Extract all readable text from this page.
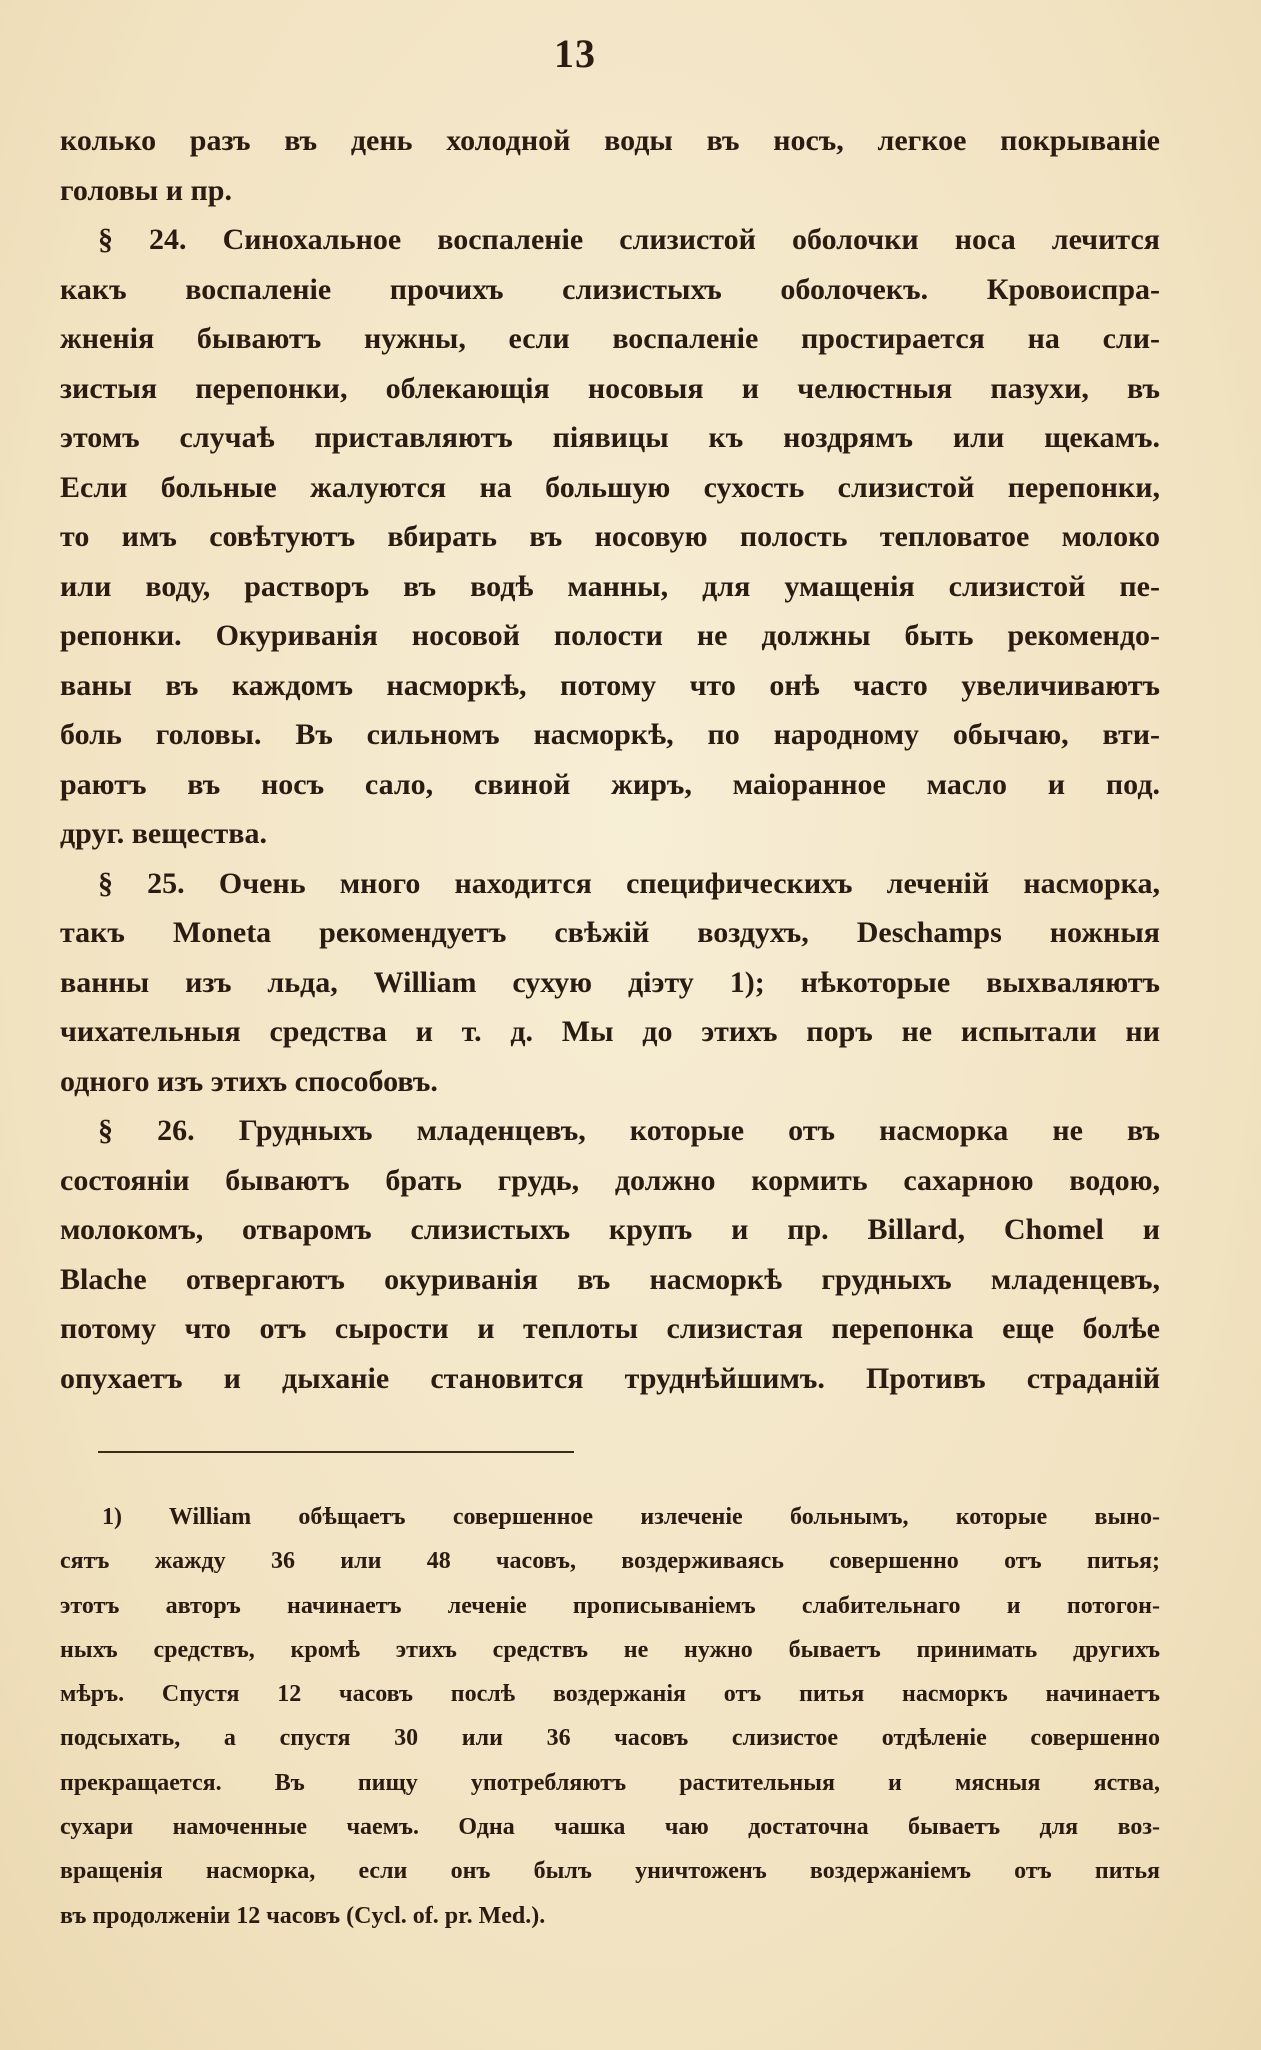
13
колько разъ въ день холодной воды въ носъ, легкое покрываніе
головы и пр.
§ 24. Синохальное воспаленіе слизистой оболочки носа лечится
какъ воспаленіе прочихъ слизистыхъ оболочекъ. Кровоиспра-
жненія бываютъ нужны, если воспаленіе простирается на сли-
зистыя перепонки, облекающія носовыя и челюстныя пазухи, въ
этомъ случаѣ приставляютъ піявицы къ ноздрямъ или щекамъ.
Если больные жалуются на большую сухость слизистой перепонки,
то имъ совѣтуютъ вбирать въ носовую полость тепловатое молоко
или воду, растворъ въ водѣ манны, для умащенія слизистой пе-
репонки. Окуриванія носовой полости не должны быть рекомендо-
ваны въ каждомъ насморкѣ, потому что онѣ часто увеличиваютъ
боль головы. Въ сильномъ насморкѣ, по народному обычаю, вти-
раютъ въ носъ сало, свиной жиръ, маіоранное масло и под.
друг. вещества.
§ 25. Очень много находится специфическихъ леченій насморка,
такъ Moneta рекомендуетъ свѣжій воздухъ, Deschamps ножныя
ванны изъ льда, William сухую діэту 1); нѣкоторые выхваляютъ
чихательныя средства и т. д. Мы до этихъ поръ не испытали ни
одного изъ этихъ способовъ.
§ 26. Грудныхъ младенцевъ, которые отъ насморка не въ
состояніи бываютъ брать грудь, должно кормить сахарною водою,
молокомъ, отваромъ слизистыхъ крупъ и пр. Billard, Chomel и
Blache отвергаютъ окуриванія въ насморкѣ грудныхъ младенцевъ,
потому что отъ сырости и теплоты слизистая перепонка еще болѣе
опухаетъ и дыханіе становится труднѣйшимъ. Противъ страданій
1) William обѣщаетъ совершенное излеченіе больнымъ, которые выно-
сятъ жажду 36 или 48 часовъ, воздерживаясь совершенно отъ питья;
этотъ авторъ начинаетъ леченіе прописываніемъ слабительнаго и потогон-
ныхъ средствъ, кромѣ этихъ средствъ не нужно бываетъ принимать другихъ
мѣръ. Спустя 12 часовъ послѣ воздержанія отъ питья насморкъ начинаетъ
подсыхать, а спустя 30 или 36 часовъ слизистое отдѣленіе совершенно
прекращается. Въ пищу употребляютъ растительныя и мясныя яства,
сухари намоченные чаемъ. Одна чашка чаю достаточна бываетъ для воз-
вращенія насморка, если онъ былъ уничтоженъ воздержаніемъ отъ питья
въ продолженіи 12 часовъ (Cycl. of. pr. Med.).
